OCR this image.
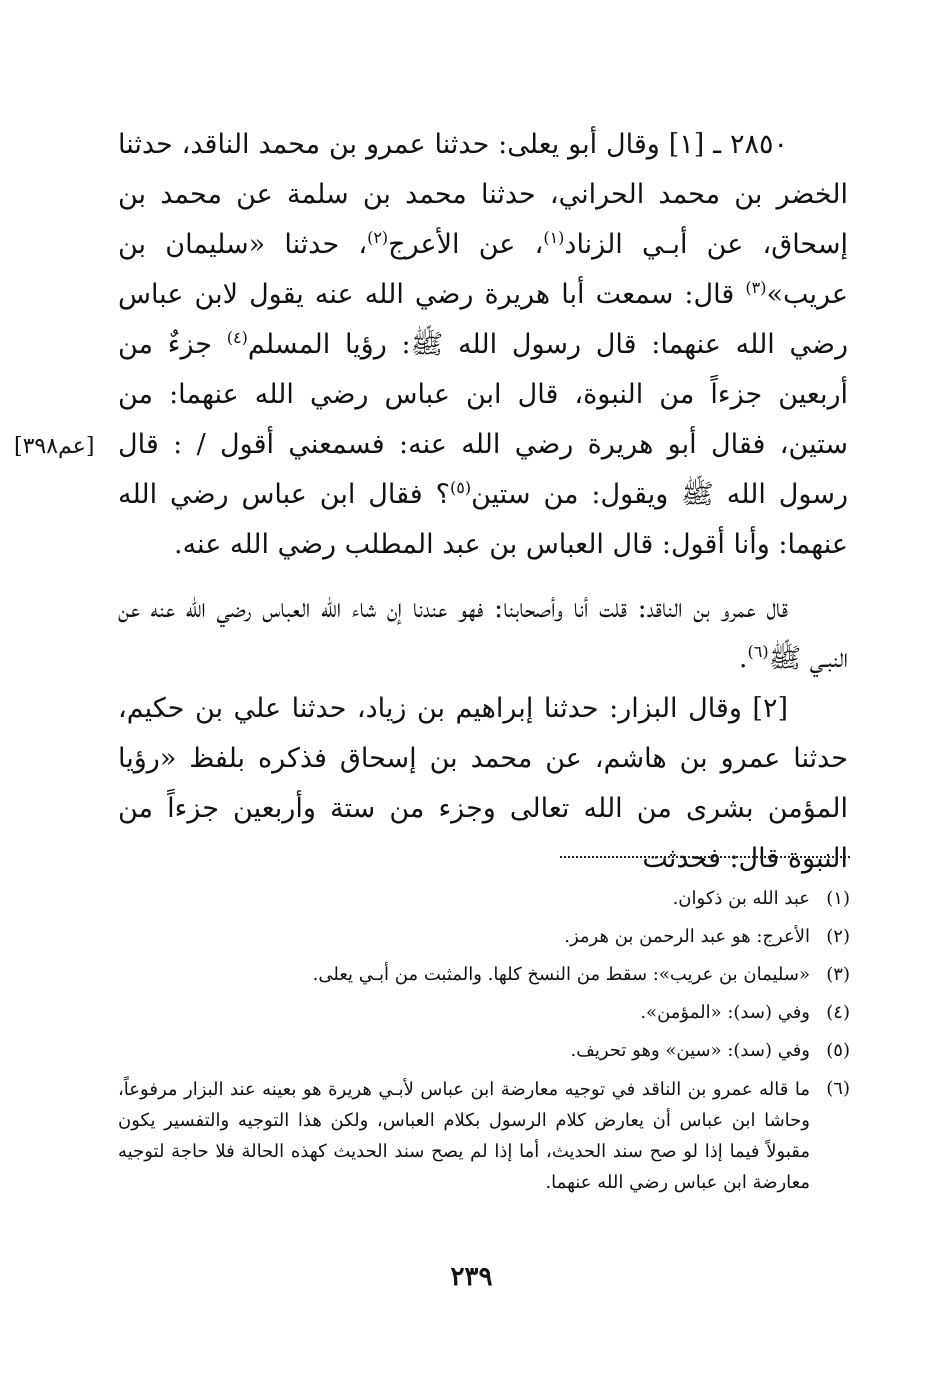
٢٨٥٠ ـ [١] وقال أبو يعلى: حدثنا عمرو بن محمد الناقد، حدثنا الخضر بن محمد الحراني، حدثنا محمد بن سلمة عن محمد بن إسحاق، عن أبـي الزناد$^{(١)}$، عن الأعرج$^{(٢)}$، حدثنا «سليمان بن عريب»$^{(٣)}$ قال: سمعت أبا هريرة رضي الله عنه يقول لابن عباس رضي الله عنهما: قال رسول الله ﷺ: رؤيا المسلم$^{(٤)}$ جزءٌ من أربعين جزءاً من النبوة، قال ابن عباس رضي الله عنهما: من ستين، فقال أبو هريرة رضي الله عنه: فسمعني أقول / : قال رسول الله ﷺ ويقول: من ستين$^{(٥)}$؟ فقال ابن عباس رضي الله عنهما: وأنا أقول: قال العباس بن عبد المطلب رضي الله عنه.

قال عمرو بن الناقد: قلت أنا وأصحابنا: فهو عندنا إن شاء الله العباس رضي الله عنه عن النبـي ﷺ$^{(٦)}$.

[٢] وقال البزار: حدثنا إبراهيم بن زياد، حدثنا علي بن حكيم، حدثنا عمرو بن هاشم، عن محمد بن إسحاق فذكره بلفظ «رؤيا المؤمن بشرى من الله تعالى وجزء من ستة وأربعين جزءاً من النبوة قال: فحدثت

[عم٣٩٨]
(١)
عبد الله بن ذكوان.
(٢)
الأعرج: هو عبد الرحمن بن هرمز.
(٣)
«سليمان بن عريب»: سقط من النسخ كلها. والمثبت من أبـي يعلى.
(٤)
وفي (سد): «المؤمن».
(٥)
وفي (سد): «سين» وهو تحريف.
(٦)
ما قاله عمرو بن الناقد في توجيه معارضة ابن عباس لأبـي هريرة هو بعينه عند البزار مرفوعاً، وحاشا ابن عباس أن يعارض كلام الرسول بكلام العباس، ولكن هذا التوجيه والتفسير يكون مقبولاً فيما إذا لو صح سند الحديث، أما إذا لم يصح سند الحديث كهذه الحالة فلا حاجة لتوجيه معارضة ابن عباس رضي الله عنهما.
٢٣٩
